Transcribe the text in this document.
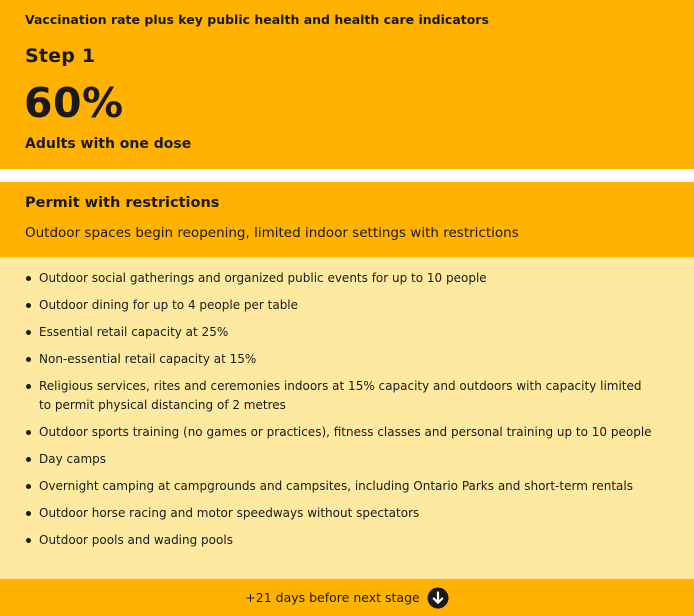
Vaccination rate plus key public health and health care indicators
Step 1
60%
Adults with one dose
Permit with restrictions
Outdoor spaces begin reopening, limited indoor settings with restrictions
Outdoor social gatherings and organized public events for up to 10 people
Outdoor dining for up to 4 people per table
Essential retail capacity at 25%
Non-essential retail capacity at 15%
Religious services, rites and ceremonies indoors at 15% capacity and outdoors with capacity limited to permit physical distancing of 2 metres
Outdoor sports training (no games or practices), fitness classes and personal training up to 10 people
Day camps
Overnight camping at campgrounds and campsites, including Ontario Parks and short-term rentals
Outdoor horse racing and motor speedways without spectators
Outdoor pools and wading pools
+21 days before next stage
